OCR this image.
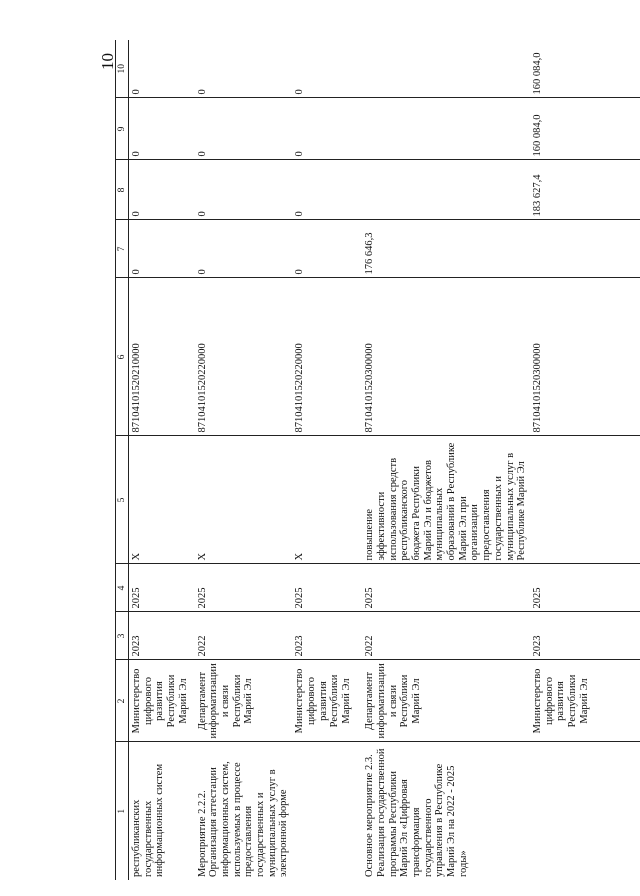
10
1	2	3	4	5	6	7	8	9	10
республиканских государственных информационных систем	Министерство цифрового развития Республики Марий Эл	2023	2025	X	87104101520210000	0	0	0	0
Мероприятие 2.2.2. Организация аттестации информационных систем, используемых в процессе предоставления государственных и муниципальных услуг в электронной форме	Департамент информатизации и связи Республики Марий Эл	2022	2025	X	87104101520220000	0	0	0	0
	Министерство цифрового развития Республики Марий Эл	2023	2025	X	87104101520220000	0	0	0	0
Основное мероприятие 2.3. Реализация государственной программы Республики Марий Эл «Цифровая трансформация государственного управления в Республике Марий Эл на 2022 - 2025 годы»	Департамент информатизации и связи Республики Марий Эл	2022	2025	повышение эффективности использования средств республиканского бюджета Республики Марий Эл и бюджетов муниципальных образований в Республике Марий Эл при организации предоставления государственных и муниципальных услуг в Республике Марий Эл	87104101520300000	176 646,3			
	Министерство цифрового развития Республики Марий Эл	2023	2025		87104101520300000		183 627,4	160 084,0	160 084,0
